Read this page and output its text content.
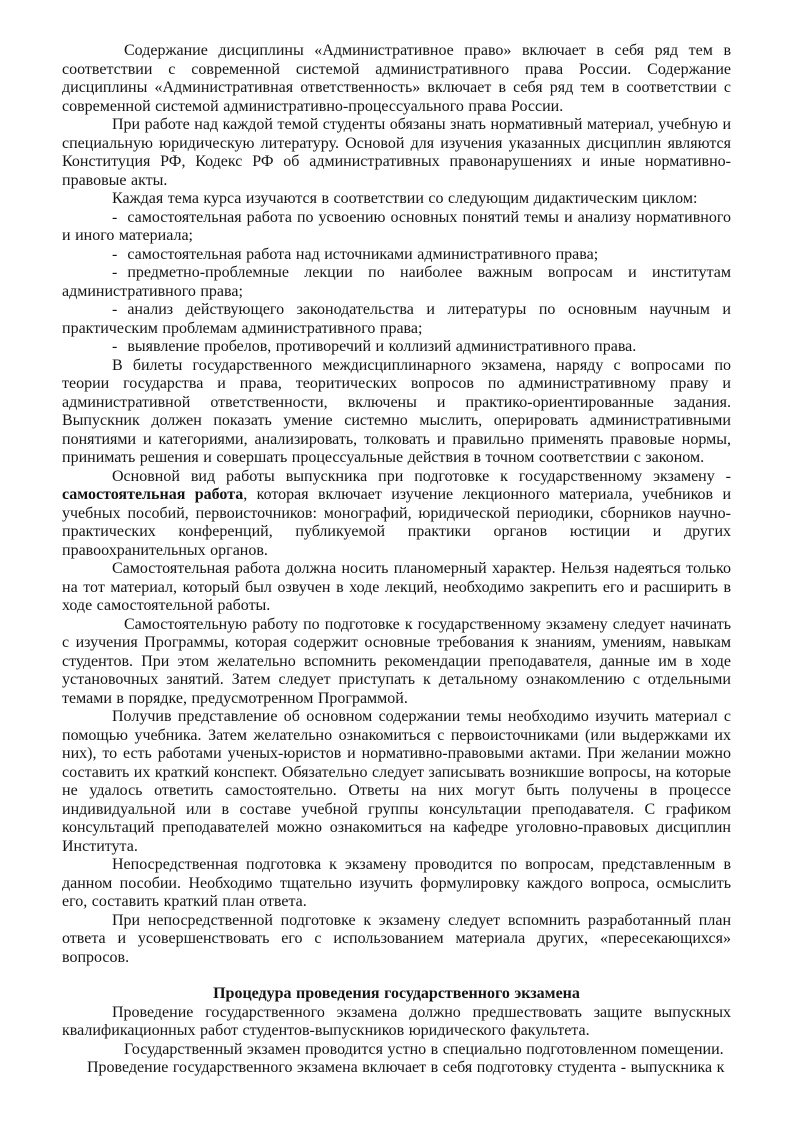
Содержание дисциплины «Административное право» включает в себя ряд тем в соответствии с современной системой административного права России. Содержание дисциплины «Административная ответственность» включает в себя ряд тем в соответствии с современной системой административно-процессуального права России.

При работе над каждой темой студенты обязаны знать нормативный материал, учебную и специальную юридическую литературу. Основой для изучения указанных дисциплин являются Конституция РФ, Кодекс РФ об административных правонарушениях и иные нормативно-правовые акты.

Каждая тема курса изучаются в соответствии со следующим дидактическим циклом:

- самостоятельная работа по усвоению основных понятий темы и анализу нормативного и иного материала;

- самостоятельная работа над источниками административного права;

- предметно-проблемные лекции по наиболее важным вопросам и институтам административного права;

- анализ действующего законодательства и литературы по основным научным и практическим проблемам административного права;

- выявление пробелов, противоречий и коллизий административного права.

В билеты государственного междисциплинарного экзамена, наряду с вопросами по теории государства и права, теоритических вопросов по административному праву и административной ответственности, включены и практико-ориентированные задания. Выпускник должен показать умение системно мыслить, оперировать административными понятиями и категориями, анализировать, толковать и правильно применять правовые нормы, принимать решения и совершать процессуальные действия в точном соответствии с законом.

Основной вид работы выпускника при подготовке к государственному экзамену - самостоятельная работа, которая включает изучение лекционного материала, учебников и учебных пособий, первоисточников: монографий, юридической периодики, сборников научно-практических конференций, публикуемой практики органов юстиции и других правоохранительных органов.

Самостоятельная работа должна носить планомерный характер. Нельзя надеяться только на тот материал, который был озвучен в ходе лекций, необходимо закрепить его и расширить в ходе самостоятельной работы.

Самостоятельную работу по подготовке к государственному экзамену следует начинать с изучения Программы, которая содержит основные требования к знаниям, умениям, навыкам студентов. При этом желательно вспомнить рекомендации преподавателя, данные им в ходе установочных занятий. Затем следует приступать к детальному ознакомлению с отдельными темами в порядке, предусмотренном Программой.

Получив представление об основном содержании темы необходимо изучить материал с помощью учебника. Затем желательно ознакомиться с первоисточниками (или выдержками их них), то есть работами ученых-юристов и нормативно-правовыми актами. При желании можно составить их краткий конспект. Обязательно следует записывать возникшие вопросы, на которые не удалось ответить самостоятельно. Ответы на них могут быть получены в процессе индивидуальной или в составе учебной группы консультации преподавателя. С графиком консультаций преподавателей можно ознакомиться на кафедре уголовно-правовых дисциплин Института.

Непосредственная подготовка к экзамену проводится по вопросам, представленным в данном пособии. Необходимо тщательно изучить формулировку каждого вопроса, осмыслить его, составить краткий план ответа.

При непосредственной подготовке к экзамену следует вспомнить разработанный план ответа и усовершенствовать его с использованием материала других, «пересекающихся» вопросов.

Процедура проведения государственного экзамена

Проведение государственного экзамена должно предшествовать защите выпускных квалификационных работ студентов-выпускников юридического факультета.

Государственный экзамен проводится устно в специально подготовленном помещении.

Проведение государственного экзамена включает в себя подготовку студента - выпускника к
